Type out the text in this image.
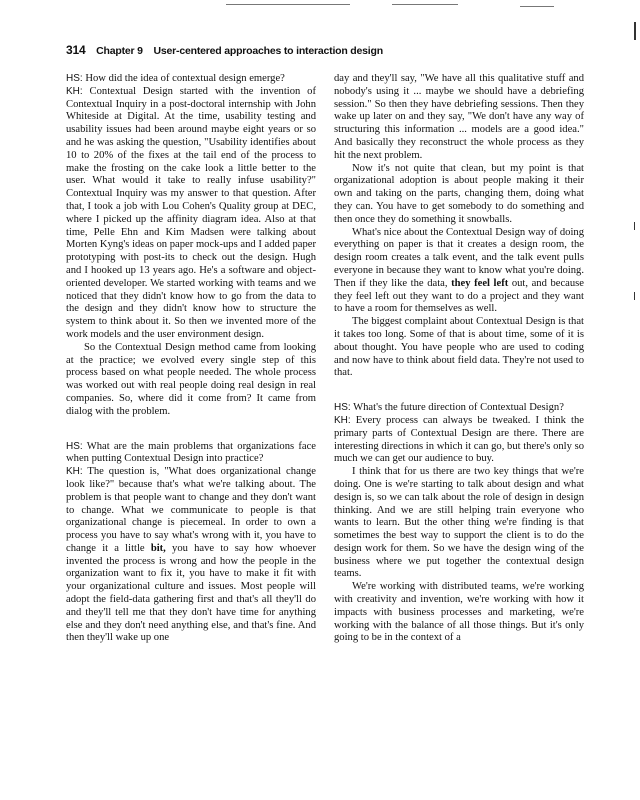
314 Chapter 9 User-centered approaches to interaction design

HS: How did the idea of contextual design emerge?

KH: Contextual Design started with the invention of Contextual Inquiry in a post-doctoral internship with John Whiteside at Digital. At the time, usability testing and usability issues had been around maybe eight years or so and he was asking the question, "Usability identifies about 10 to 20% of the fixes at the tail end of the process to make the frosting on the cake look a little better to the user. What would it take to really infuse usability?" Contextual Inquiry was my answer to that question. After that, I took a job with Lou Cohen's Quality group at DEC, where I picked up the affinity diagram idea. Also at that time, Pelle Ehn and Kim Madsen were talking about Morten Kyng's ideas on paper mock-ups and I added paper prototyping with post-its to check out the design. Hugh and I hooked up 13 years ago. He's a software and object-oriented developer. We started working with teams and we noticed that they didn't know how to go from the data to the design and they didn't know how to structure the system to think about it. So then we invented more of the work models and the user environment design.

So the Contextual Design method came from looking at the practice; we evolved every single step of this process based on what people needed. The whole process was worked out with real people doing real design in real companies. So, where did it come from? It came from dialog with the problem.

HS: What are the main problems that organizations face when putting Contextual Design into practice?

KH: The question is, "What does organizational change look like?" because that's what we're talking about. The problem is that people want to change and they don't want to change. What we communicate to people is that organizational change is piecemeal. In order to own a process you have to say what's wrong with it, you have to change it a little bit, you have to say how whoever invented the process is wrong and how the people in the organization want to fix it, you have to make it fit with your organizational culture and issues. Most people will adopt the field-data gathering first and that's all they'll do and they'll tell me that they don't have time for anything else and they don't need anything else, and that's fine. And then they'll wake up one

day and they'll say, "We have all this qualitative stuff and nobody's using it ... maybe we should have a debriefing session." So then they have debriefing sessions. Then they wake up later on and they say, "We don't have any way of structuring this information ... models are a good idea." And basically they reconstruct the whole process as they hit the next problem.

Now it's not quite that clean, but my point is that organizational adoption is about people making it their own and taking on the parts, changing them, doing what they can. You have to get somebody to do something and then once they do something it snowballs.

What's nice about the Contextual Design way of doing everything on paper is that it creates a design room, the design room creates a talk event, and the talk event pulls everyone in because they want to know what you're doing. Then if they like the data, they feel left out, and because they feel left out they want to do a project and they want to have a room for themselves as well.

The biggest complaint about Contextual Design is that it takes too long. Some of that is about time, some of it is about thought. You have people who are used to coding and now have to think about field data. They're not used to that.

HS: What's the future direction of Contextual Design?

KH: Every process can always be tweaked. I think the primary parts of Contextual Design are there. There are interesting directions in which it can go, but there's only so much we can get our audience to buy.

I think that for us there are two key things that we're doing. One is we're starting to talk about design and what design is, so we can talk about the role of design in design thinking. And we are still helping train everyone who wants to learn. But the other thing we're finding is that sometimes the best way to support the client is to do the design work for them. So we have the design wing of the business where we put together the contextual design teams.

We're working with distributed teams, we're working with creativity and invention, we're working with how it impacts with business processes and marketing, we're working with the balance of all those things. But it's only going to be in the context of a
